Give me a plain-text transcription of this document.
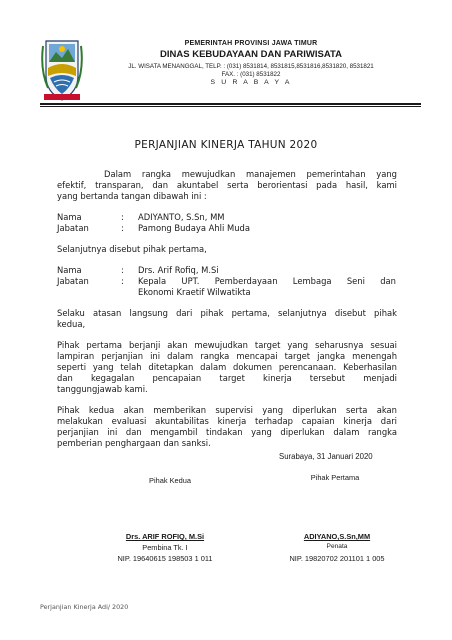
PEMERINTAH PROVINSI JAWA TIMUR
DINAS KEBUDAYAAN DAN PARIWISATA
JL. WISATA MENANGGAL, TELP. : (031) 8531814, 8531815,8531816,8531820, 8531821
FAX. : (031) 8531822
S U R A B A Y A
PERJANJIAN KINERJA TAHUN 2020
Dalam rangka mewujudkan manajemen pemerintahan yang
efektif, transparan, dan akuntabel serta berorientasi pada hasil, kami
yang bertanda tangan dibawah ini :
Nama	: ADIYANTO, S.Sn, MM
Jabatan	: Pamong Budaya Ahli Muda
Selanjutnya disebut pihak pertama,
Nama	: Drs. Arif Rofiq, M.Si
Jabatan	: Kepala UPT. Pemberdayaan Lembaga Seni dan
Ekonomi Kraetif Wilwatikta
Selaku atasan langsung dari pihak pertama, selanjutnya disebut pihak
kedua,
Pihak pertama berjanji akan mewujudkan target yang seharusnya sesuai
lampiran perjanjian ini dalam rangka mencapai target jangka menengah
seperti yang telah ditetapkan dalam dokumen perencanaan. Keberhasilan
dan kegagalan pencapaian target kinerja tersebut menjadi
tanggungjawab kami.
Pihak kedua akan memberikan supervisi yang diperlukan serta akan
melakukan evaluasi akuntabilitas kinerja terhadap capaian kinerja dari
perjanjian ini dan mengambil tindakan yang diperlukan dalam rangka
pemberian penghargaan dan sanksi.
Surabaya, 31 Januari 2020
Pihak Kedua	Pihak Pertama
Drs. ARIF ROFIQ, M.Si
Pembina Tk. I
NIP. 19640615 198503 1 011
ADIYANO,S.Sn,MM
Penata
NIP. 19820702 201101 1 005
Perjanjian Kinerja Adi/ 2020
